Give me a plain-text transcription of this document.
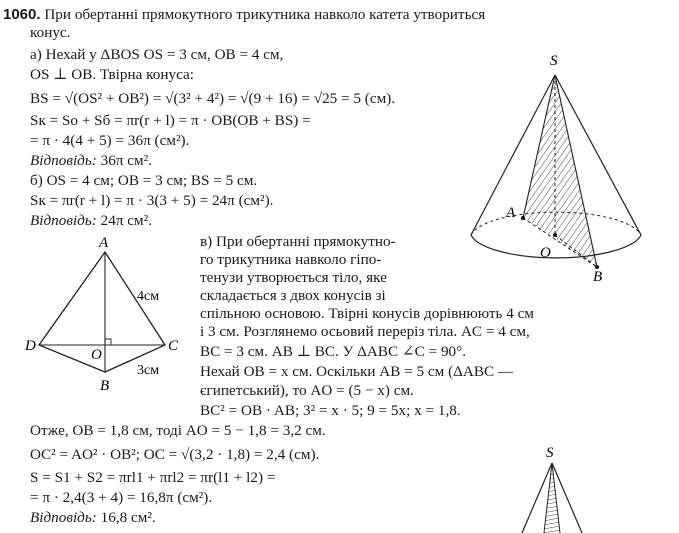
1060. При обертанні прямокутного трикутника навколо катета утвориться
конус.
а) Нехай у ΔBOS OS = 3 см, OB = 4 см,
OS ⊥ OB. Твірна конуса:
BS = √(OS² + OB²) = √(3² + 4²) = √(9 + 16) = √25 = 5 (см).
Sк = Sо + Sб = πr(r + l) = π · OB(OB + BS) =
= π · 4(4 + 5) = 36π (см²).
Відповідь: 36π см².
б) OS = 4 см; OB = 3 см; BS = 5 см.
Sк = πr(r + l) = π · 3(3 + 5) = 24π (см²).
Відповідь: 24π см².
в) При обертанні прямокутно-
го трикутника навколо гіпо-
тенузи утворюється тіло, яке
складається з двох конусів зі
спільною основою. Твірні конусів дорівнюють 4 см
і 3 см. Розглянемо осьовий переріз тіла. AC = 4 см,
BC = 3 см. AB ⊥ BC. У ΔABC ∠C = 90°.
Нехай OB = x см. Оскільки AB = 5 см (ΔABC —
єгипетський), то AO = (5 − x) см.
BC² = OB · AB; 3² = x · 5; 9 = 5x; x = 1,8.
Отже, OB = 1,8 см, тоді AO = 5 − 1,8 = 3,2 см.
OC² = AO² · OB²; OC = √(3,2 · 1,8) = 2,4 (см).
S = S1 + S2 = πrl1 + πrl2 = πr(l1 + l2) =
= π · 2,4(3 + 4) = 16,8π (см²).
Відповідь: 16,8 см².
S
A
O
B
A
D
O
C
B
4см
3см
S
